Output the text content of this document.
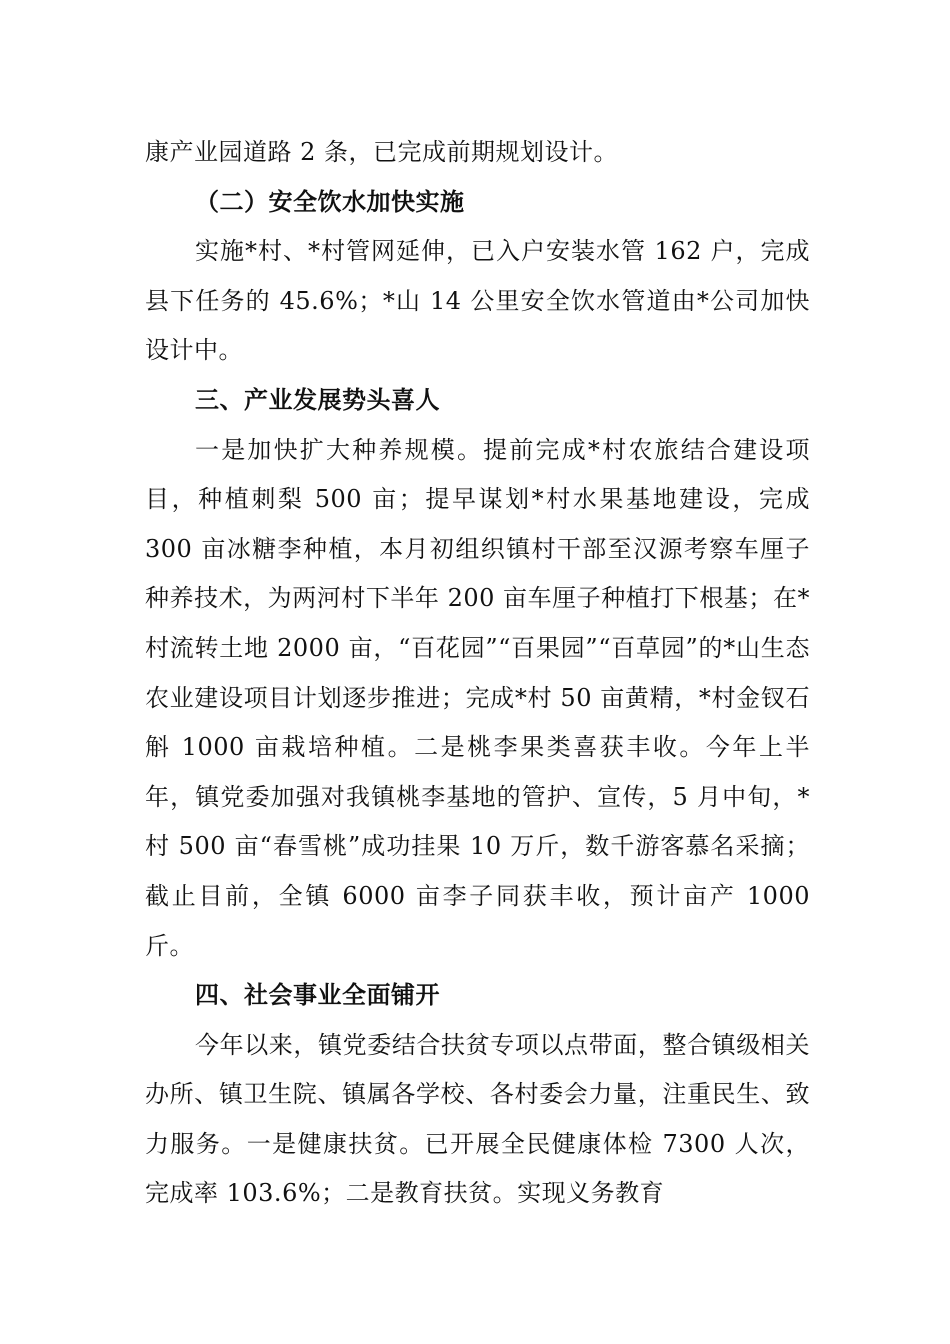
康产业园道路 2 条，已完成前期规划设计。

（二）安全饮水加快实施

实施*村、*村管网延伸，已入户安装水管 162 户，完成县下任务的 45.6%；*山 14 公里安全饮水管道由*公司加快设计中。

三、产业发展势头喜人

一是加快扩大种养规模。提前完成*村农旅结合建设项目，种植刺梨 500 亩；提早谋划*村水果基地建设，完成 300 亩冰糖李种植，本月初组织镇村干部至汉源考察车厘子种养技术，为两河村下半年 200 亩车厘子种植打下根基；在*村流转土地 2000 亩，“百花园”“百果园”“百草园”的*山生态农业建设项目计划逐步推进；完成*村 50 亩黄精，*村金钗石斛 1000 亩栽培种植。二是桃李果类喜获丰收。今年上半年，镇党委加强对我镇桃李基地的管护、宣传，5 月中旬，*村 500 亩“春雪桃”成功挂果 10 万斤，数千游客慕名采摘；截止目前，全镇 6000 亩李子同获丰收，预计亩产 1000 斤。

四、社会事业全面铺开

今年以来，镇党委结合扶贫专项以点带面，整合镇级相关办所、镇卫生院、镇属各学校、各村委会力量，注重民生、致力服务。一是健康扶贫。已开展全民健康体检 7300 人次，完成率 103.6%；二是教育扶贫。实现义务教育
